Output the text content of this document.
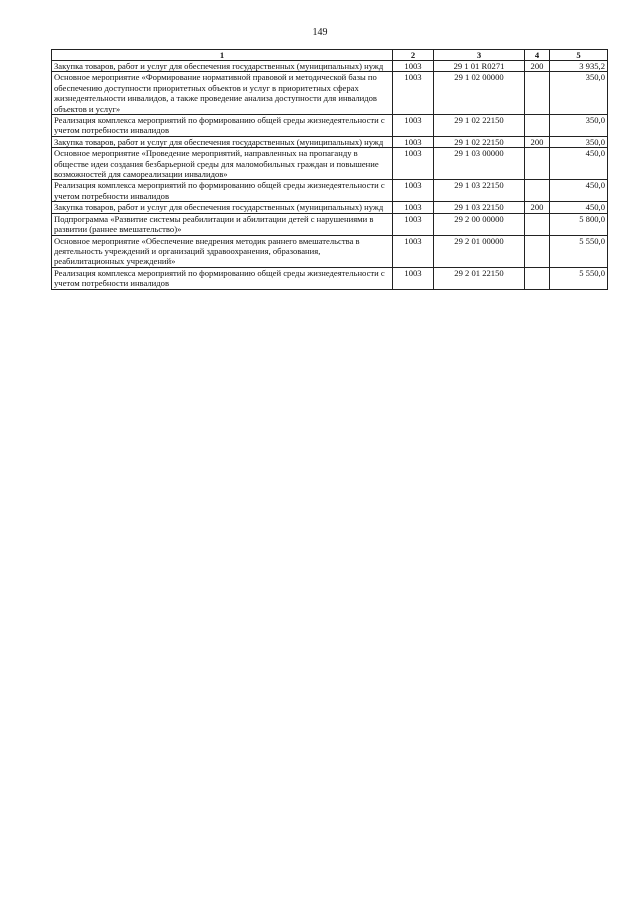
149
1	2	3	4	5
Закупка товаров, работ и услуг для обеспечения государственных (муниципальных) нужд	1003	29 1 01 R0271	200	3 935,2
Основное мероприятие «Формирование нормативной правовой и методической базы по обеспечению доступности приоритетных объектов и услуг в приоритетных сферах жизнедеятельности инвалидов, а также проведение анализа доступности для инвалидов объектов и услуг»	1003	29 1 02 00000		350,0
Реализация комплекса мероприятий по формированию общей среды жизнедеятельности с учетом потребности инвалидов	1003	29 1 02 22150		350,0
Закупка товаров, работ и услуг для обеспечения государственных (муниципальных) нужд	1003	29 1 02 22150	200	350,0
Основное мероприятие «Проведение мероприятий, направленных на пропаганду в обществе идеи создания безбарьерной среды для маломобильных граждан и повышение возможностей для самореализации инвалидов»	1003	29 1 03 00000		450,0
Реализация комплекса мероприятий по формированию общей среды жизнедеятельности с учетом потребности инвалидов	1003	29 1 03 22150		450,0
Закупка товаров, работ и услуг для обеспечения государственных (муниципальных) нужд	1003	29 1 03 22150	200	450,0
Подпрограмма «Развитие системы реабилитации и абилитации детей с нарушениями в развитии (раннее вмешательство)»	1003	29 2 00 00000		5 800,0
Основное мероприятие «Обеспечение внедрения методик раннего вмешательства в деятельность учреждений и организаций здравоохранения, образования, реабилитационных учреждений»	1003	29 2 01 00000		5 550,0
Реализация комплекса мероприятий по формированию общей среды жизнедеятельности с учетом потребности инвалидов	1003	29 2 01 22150		5 550,0
